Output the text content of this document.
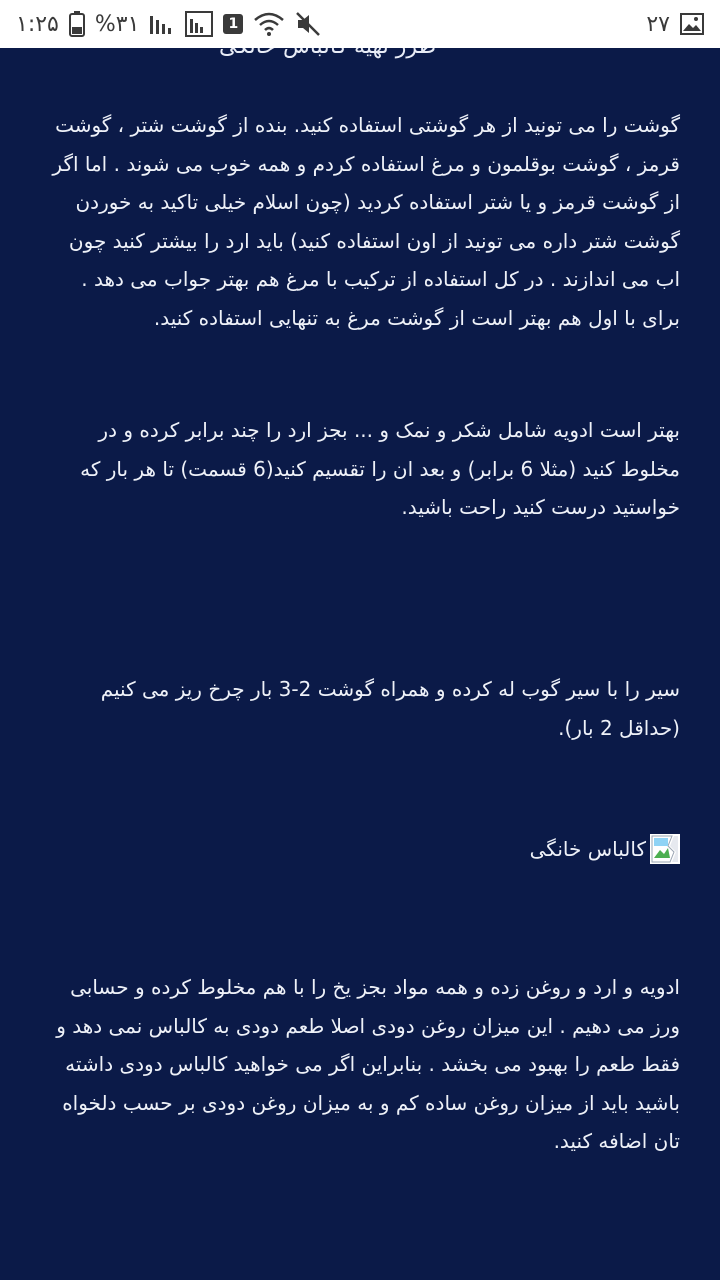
۱:۲۵ %۳۱	1	۲۷

گوشت را می تونید از هر گوشتی استفاده کنید. بنده از گوشت شتر ، گوشت قرمز ، گوشت بوقلمون و مرغ استفاده کردم و همه خوب می شوند . اما اگر از گوشت قرمز و یا شتر استفاده کردید (چون اسلام خیلی تاکید به خوردن گوشت شتر داره می تونید از اون استفاده کنید) باید ارد را بیشتر کنید چون اب می اندازند . در کل استفاده از ترکیب با مرغ هم بهتر جواب می دهد . برای با اول هم بهتر است از گوشت مرغ به تنهایی استفاده کنید.

بهتر است ادویه شامل شکر و نمک و ... بجز ارد را چند برابر کرده و در مخلوط کنید (مثلا 6 برابر) و بعد ان را تقسیم کنید(6 قسمت) تا هر بار که خواستید درست کنید راحت باشید.

سیر را با سیر گوب له کرده و همراه گوشت 2-3 بار چرخ ریز می کنیم (حداقل 2 بار).

کالباس خانگی

ادویه و ارد و روغن زده و همه مواد بجز یخ را با هم مخلوط کرده و حسابی ورز می دهیم . این میزان روغن دودی اصلا طعم دودی به کالباس نمی دهد و فقط طعم را بهبود می بخشد . بنابراین اگر می خواهید کالباس دودی داشته باشید باید از میزان روغن ساده کم و به میزان روغن دودی بر حسب دلخواه تان اضافه کنید.
